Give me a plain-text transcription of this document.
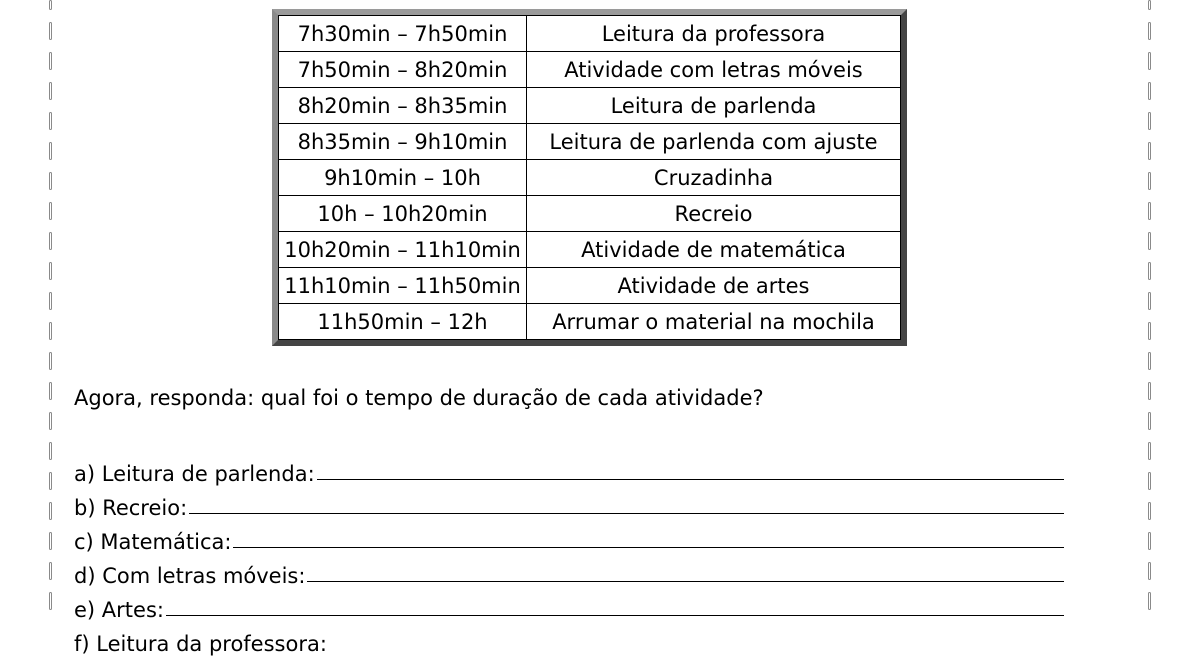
7h30min – 7h50min	Leitura da professora
7h50min – 8h20min	Atividade com letras móveis
8h20min – 8h35min	Leitura de parlenda
8h35min – 9h10min	Leitura de parlenda com ajuste
9h10min – 10h	Cruzadinha
10h – 10h20min	Recreio
10h20min – 11h10min	Atividade de matemática
11h10min – 11h50min	Atividade de artes
11h50min – 12h	Arrumar o material na mochila
Agora, responda: qual foi o tempo de duração de cada atividade?
a) Leitura de parlenda:
b) Recreio:
c) Matemática:
d) Com letras móveis:
e) Artes:
f) Leitura da professora:
